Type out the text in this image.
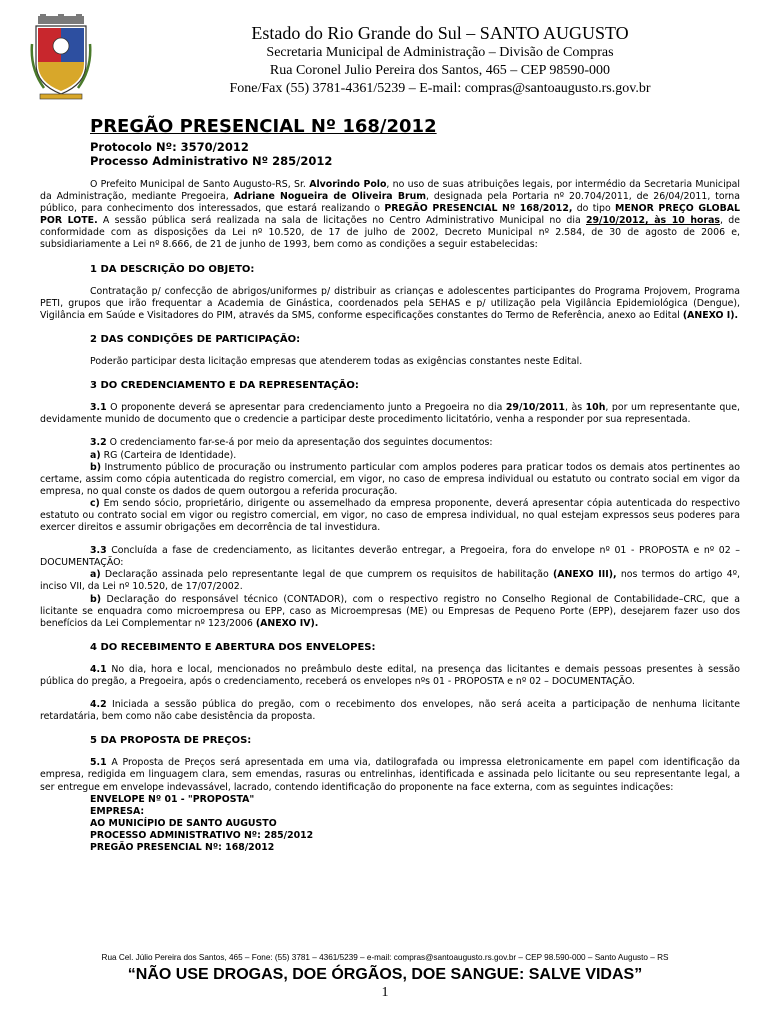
Estado do Rio Grande do Sul – SANTO AUGUSTO
Secretaria Municipal de Administração – Divisão de Compras
Rua Coronel Julio Pereira dos Santos, 465 – CEP 98590-000
Fone/Fax (55) 3781-4361/5239 – E-mail: compras@santoaugusto.rs.gov.br
PREGÃO PRESENCIAL Nº 168/2012
Protocolo Nº: 3570/2012
Processo Administrativo Nº 285/2012

O Prefeito Municipal de Santo Augusto-RS, Sr. Alvorindo Polo, no uso de suas atribuições legais, por intermédio da Secretaria Municipal da Administração, mediante Pregoeira, Adriane Nogueira de Oliveira Brum, designada pela Portaria nº 20.704/2011, de 26/04/2011, torna público, para conhecimento dos interessados, que estará realizando o PREGÃO PRESENCIAL Nº 168/2012, do tipo MENOR PREÇO GLOBAL POR LOTE. A sessão pública será realizada na sala de licitações no Centro Administrativo Municipal no dia 29/10/2012, às 10 horas, de conformidade com as disposições da Lei nº 10.520, de 17 de julho de 2002, Decreto Municipal nº 2.584, de 30 de agosto de 2006 e, subsidiariamente a Lei nº 8.666, de 21 de junho de 1993, bem como as condições a seguir estabelecidas:

1 DA DESCRIÇÃO DO OBJETO:

Contratação p/ confecção de abrigos/uniformes p/ distribuir as crianças e adolescentes participantes do Programa Projovem, Programa PETI, grupos que irão frequentar a Academia de Ginástica, coordenados pela SEHAS e p/ utilização pela Vigilância Epidemiológica (Dengue), Vigilância em Saúde e Visitadores do PIM, através da SMS, conforme especificações constantes do Termo de Referência, anexo ao Edital (ANEXO I).

2 DAS CONDIÇÕES DE PARTICIPAÇÃO:

Poderão participar desta licitação empresas que atenderem todas as exigências constantes neste Edital.

3 DO CREDENCIAMENTO E DA REPRESENTAÇÃO:

3.1 O proponente deverá se apresentar para credenciamento junto a Pregoeira no dia 29/10/2011, às 10h, por um representante que, devidamente munido de documento que o credencie a participar deste procedimento licitatório, venha a responder por sua representada.

3.2 O credenciamento far-se-á por meio da apresentação dos seguintes documentos:

a) RG (Carteira de Identidade).

b) Instrumento público de procuração ou instrumento particular com amplos poderes para praticar todos os demais atos pertinentes ao certame, assim como cópia autenticada do registro comercial, em vigor, no caso de empresa individual ou estatuto ou contrato social em vigor da empresa, no qual conste os dados de quem outorgou a referida procuração.

c) Em sendo sócio, proprietário, dirigente ou assemelhado da empresa proponente, deverá apresentar cópia autenticada do respectivo estatuto ou contrato social em vigor ou registro comercial, em vigor, no caso de empresa individual, no qual estejam expressos seus poderes para exercer direitos e assumir obrigações em decorrência de tal investidura.

3.3 Concluída a fase de credenciamento, as licitantes deverão entregar, a Pregoeira, fora do envelope nº 01 - PROPOSTA e nº 02 – DOCUMENTAÇÃO:

a) Declaração assinada pelo representante legal de que cumprem os requisitos de habilitação (ANEXO III), nos termos do artigo 4º, inciso VII, da Lei nº 10.520, de 17/07/2002.

b) Declaração do responsável técnico (CONTADOR), com o respectivo registro no Conselho Regional de Contabilidade–CRC, que a licitante se enquadra como microempresa ou EPP, caso as Microempresas (ME) ou Empresas de Pequeno Porte (EPP), desejarem fazer uso dos benefícios da Lei Complementar nº 123/2006 (ANEXO IV).

4 DO RECEBIMENTO E ABERTURA DOS ENVELOPES:

4.1 No dia, hora e local, mencionados no preâmbulo deste edital, na presença das licitantes e demais pessoas presentes à sessão pública do pregão, a Pregoeira, após o credenciamento, receberá os envelopes nºs 01 - PROPOSTA e nº 02 – DOCUMENTAÇÃO.

4.2 Iniciada a sessão pública do pregão, com o recebimento dos envelopes, não será aceita a participação de nenhuma licitante retardatária, bem como não cabe desistência da proposta.

5 DA PROPOSTA DE PREÇOS:

5.1 A Proposta de Preços será apresentada em uma via, datilografada ou impressa eletronicamente em papel com identificação da empresa, redigida em linguagem clara, sem emendas, rasuras ou entrelinhas, identificada e assinada pelo licitante ou seu representante legal, a ser entregue em envelope indevassável, lacrado, contendo identificação do proponente na face externa, com as seguintes indicações:

ENVELOPE Nº 01 - "PROPOSTA"
EMPRESA:
AO MUNICÍPIO DE SANTO AUGUSTO
PROCESSO ADMINISTRATIVO Nº: 285/2012
PREGÃO PRESENCIAL Nº: 168/2012
Rua Cel. Júlio Pereira dos Santos, 465 – Fone: (55) 3781 – 4361/5239 – e-mail: compras@santoaugusto.rs.gov.br – CEP 98.590-000 – Santo Augusto – RS
“NÃO USE DROGAS, DOE ÓRGÃOS, DOE SANGUE: SALVE VIDAS”
1
